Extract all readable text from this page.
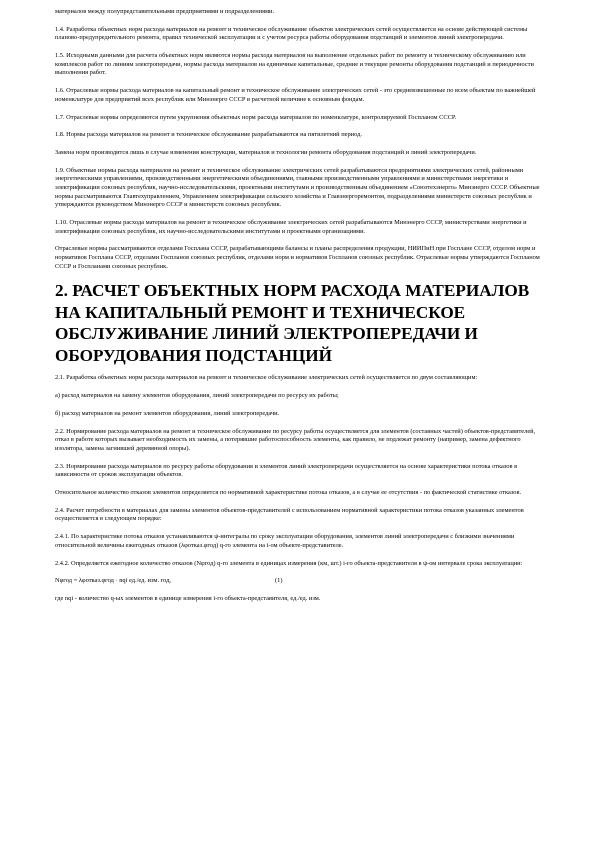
материалов между полупредставительными предприятиями и подразделениями.

1.4. Разработка объектных норм расхода материалов на ремонт и техническое обслуживание объектов электрических сетей осуществляется на основе действующей системы планово-предупредительного ремонта, правил технической эксплуатации и с учетом ресурса работы оборудования подстанций и элементов линий электропередачи.

1.5. Исходными данными для расчета объектных норм являются нормы расхода материалов на выполнение отдельных работ по ремонту и техническому обслуживанию или комплексов работ по линиям электропередачи, нормы расхода материалов на единичные капитальные, средние и текущие ремонты оборудования подстанций и периодичности выполнения работ.

1.6. Отраслевые нормы расхода материалов на капитальный ремонт и техническое обслуживание электрических сетей - это средневзвешенные по всем объектам по важнейшей номенклатуре для предприятий всех республик или Минэнерго СССР в расчетной величине к основным фондам.

1.7. Отраслевые нормы определяются путем укрупнения объектных норм расхода материалов по номенклатуре, контролируемой Госпланом СССР.

1.8. Нормы расхода материалов на ремонт и техническое обслуживание разрабатываются на пятилетний период.

Замена норм производится лишь в случае изменения конструкции, материалов и технологии ремонта оборудования подстанций и линий электропередачи.

1.9. Объектные нормы расхода материалов на ремонт и техническое обслуживание электрических сетей разрабатываются предприятиями электрических сетей, районными энергетическими управлениями, производственными энергетическими объединениями, главными производственными управлениями и министерствами энергетики и электрификации союзных республик, научно-исследовательскими, проектными институтами и производственным объединением «Союзтехэнерго» Минэнерго СССР. Объектные нормы рассматриваются Главтехуправлением, Управлением электрификации сельского хозяйства и Главэнергоремонтом, подразделениями министерств союзных республик и утверждаются руководством Минэнерго СССР и министерств союзных республик.

1.10. Отраслевые нормы расхода материалов на ремонт и техническое обслуживание электрических сетей разрабатываются Минэнерго СССР, министерствами энергетики и электрификации союзных республик, их научно-исследовательскими институтами и проектными организациями.

Отраслевые нормы рассматриваются отделами Госплана СССР, разрабатывающими балансы и планы распределения продукции, НИИПиН при Госплане СССР, отделом норм и нормативов Госплана СССР, отделами Госпланов союзных республик, отделами норм и нормативов Госпланов союзных республик. Отраслевые нормы утверждаются Госпланом СССР и Госпланами союзных республик.

2. РАСЧЕТ ОБЪЕКТНЫХ НОРМ РАСХОДА МАТЕРИАЛОВ НА КАПИТАЛЬНЫЙ РЕМОНТ И ТЕХНИЧЕСКОЕ ОБСЛУЖИВАНИЕ ЛИНИЙ ЭЛЕКТРОПЕРЕДАЧИ И ОБОРУДОВАНИЯ ПОДСТАНЦИЙ

2.1. Разработка объектных норм расхода материалов на ремонт и техническое обслуживание электрических сетей осуществляется по двум составляющим:

а) расход материалов на замену элементов оборудования, линий электропередачи по ресурсу их работы;

б) расход материалов на ремонт элементов оборудования, линий электропередачи.

2.2. Нормирование расхода материалов на ремонт и техническое обслуживание по ресурсу работы осуществляется для элементов (составных частей) объектов-представителей, отказ в работе которых вызывает необходимость их замены, а потерявшие работоспособность элементы, как правило, не подлежат ремонту (например, замена дефектного изолятора, замена загнившей деревянной опоры).

2.3. Нормирование расхода материалов по ресурсу работы оборудования и элементов линий электропередачи осуществляется на основе характеристики потока отказов в зависимости от сроков эксплуатации объектов.

Относительное количество отказов элементов определяется по нормативной характеристике потока отказов, а в случае ее отсутствия - по фактической статистике отказов.

2.4. Расчет потребности в материалах для замены элементов объектов-представителей с использованием нормативной характеристики потока отказов указанных элементов осуществляется в следующем порядке:

2.4.1. По характеристике потока отказов устанавливаются ψ-интегралы по сроку эксплуатации оборудования, элементов линий электропередачи с близкими значениями относительной величины ежегодных отказов (λφотказ.φгод) q-го элемента на i-ом объекте-представителе.

2.4.2. Определяется ежегодное количество отказов (Nφгод) q-го элемента в единицах измерения (км, шт.) i-го объекта-представителя в ψ-ом интервале срока эксплуатации:

Nφгод = λφотказ.φгод · nqi ед./ед. изм. год,	(1)

где nqi - количество q-ых элементов в единице измерения i-го объекта-представителя, ед./ед. изм.
